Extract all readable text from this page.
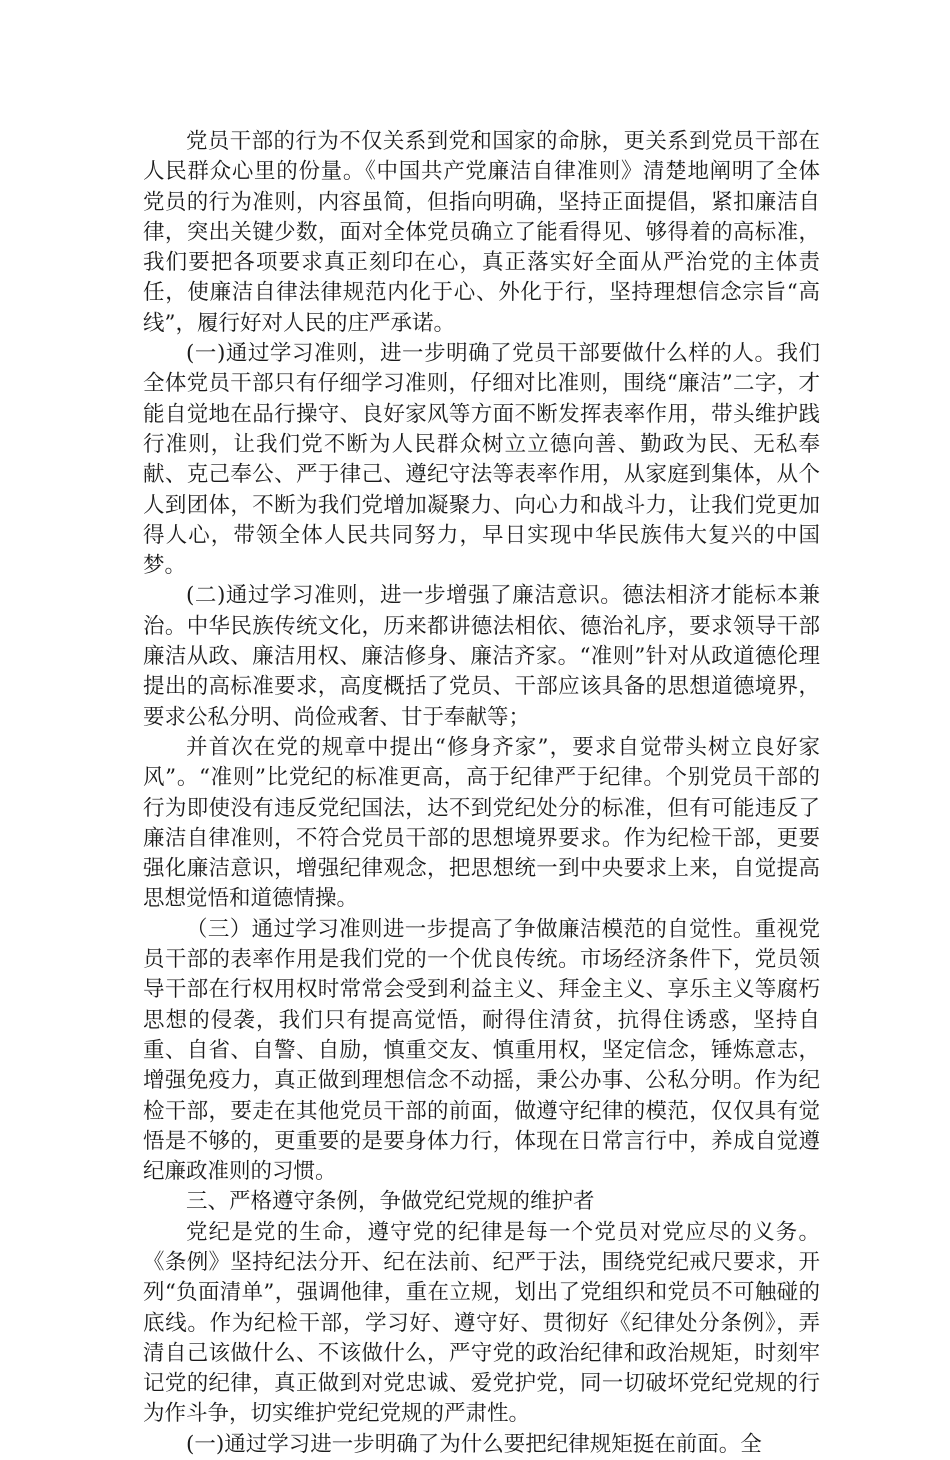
党员干部的行为不仅关系到党和国家的命脉，更关系到党员干部在人民群众心里的份量。《中国共产党廉洁自律准则》清楚地阐明了全体党员的行为准则，内容虽简，但指向明确，坚持正面提倡，紧扣廉洁自律，突出关键少数，面对全体党员确立了能看得见、够得着的高标准，我们要把各项要求真正刻印在心，真正落实好全面从严治党的主体责任，使廉洁自律法律规范内化于心、外化于行，坚持理想信念宗旨“高线”，履行好对人民的庄严承诺。

(一)通过学习准则，进一步明确了党员干部要做什么样的人。我们全体党员干部只有仔细学习准则，仔细对比准则，围绕“廉洁”二字，才能自觉地在品行操守、良好家风等方面不断发挥表率作用，带头维护践行准则，让我们党不断为人民群众树立立德向善、勤政为民、无私奉献、克己奉公、严于律己、遵纪守法等表率作用，从家庭到集体，从个人到团体，不断为我们党增加凝聚力、向心力和战斗力，让我们党更加得人心，带领全体人民共同努力，早日实现中华民族伟大复兴的中国梦。

(二)通过学习准则，进一步增强了廉洁意识。德法相济才能标本兼治。中华民族传统文化，历来都讲德法相依、德治礼序，要求领导干部廉洁从政、廉洁用权、廉洁修身、廉洁齐家。“准则”针对从政道德伦理提出的高标准要求，高度概括了党员、干部应该具备的思想道德境界，要求公私分明、尚俭戒奢、甘于奉献等；

并首次在党的规章中提出“修身齐家”，要求自觉带头树立良好家风”。“准则”比党纪的标准更高，高于纪律严于纪律。个别党员干部的行为即使没有违反党纪国法，达不到党纪处分的标准，但有可能违反了廉洁自律准则，不符合党员干部的思想境界要求。作为纪检干部，更要强化廉洁意识，增强纪律观念，把思想统一到中央要求上来，自觉提高思想觉悟和道德情操。

（三）通过学习准则进一步提高了争做廉洁模范的自觉性。重视党员干部的表率作用是我们党的一个优良传统。市场经济条件下，党员领导干部在行权用权时常常会受到利益主义、拜金主义、享乐主义等腐朽思想的侵袭，我们只有提高觉悟，耐得住清贫，抗得住诱惑，坚持自重、自省、自警、自励，慎重交友、慎重用权，坚定信念，锤炼意志，增强免疫力，真正做到理想信念不动摇，秉公办事、公私分明。作为纪检干部，要走在其他党员干部的前面，做遵守纪律的模范，仅仅具有觉悟是不够的，更重要的是要身体力行，体现在日常言行中，养成自觉遵纪廉政准则的习惯。

三、严格遵守条例，争做党纪党规的维护者

党纪是党的生命，遵守党的纪律是每一个党员对党应尽的义务。《条例》坚持纪法分开、纪在法前、纪严于法，围绕党纪戒尺要求，开列“负面清单”，强调他律，重在立规，划出了党组织和党员不可触碰的底线。作为纪检干部，学习好、遵守好、贯彻好《纪律处分条例》，弄清自己该做什么、不该做什么，严守党的政治纪律和政治规矩，时刻牢记党的纪律，真正做到对党忠诚、爱党护党，同一切破坏党纪党规的行为作斗争，切实维护党纪党规的严肃性。

(一)通过学习进一步明确了为什么要把纪律规矩挺在前面。全
